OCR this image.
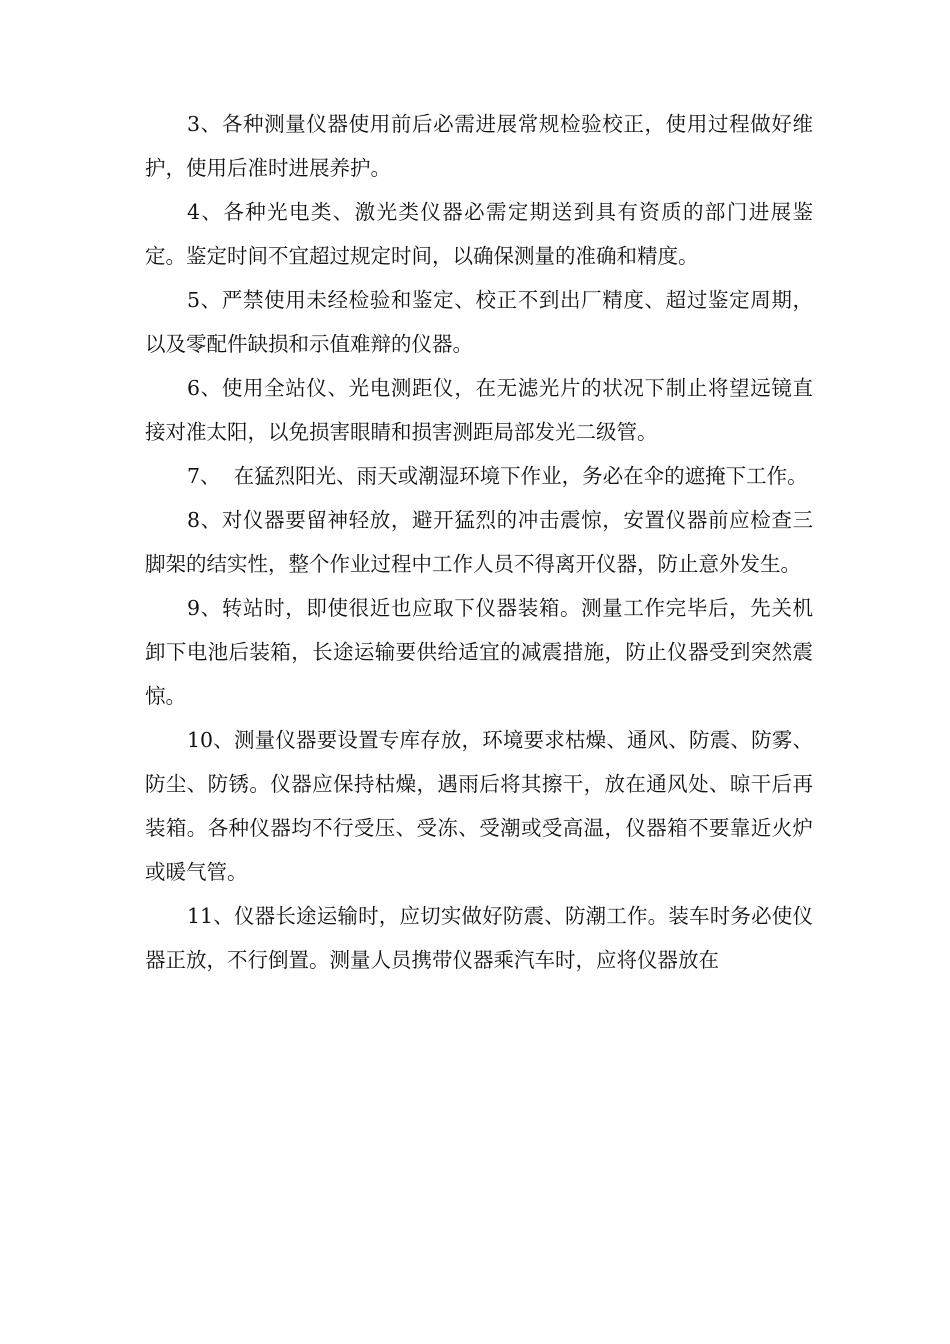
3、各种测量仪器使用前后必需进展常规检验校正，使用过程做好维护，使用后准时进展养护。

4、各种光电类、激光类仪器必需定期送到具有资质的部门进展鉴定。鉴定时间不宜超过规定时间，以确保测量的准确和精度。

5、严禁使用未经检验和鉴定、校正不到出厂精度、超过鉴定周期，以及零配件缺损和示值难辩的仪器。

6、使用全站仪、光电测距仪，在无滤光片的状况下制止将望远镜直接对准太阳，以免损害眼睛和损害测距局部发光二级管。

7、  在猛烈阳光、雨天或潮湿环境下作业，务必在伞的遮掩下工作。

8、对仪器要留神轻放，避开猛烈的冲击震惊，安置仪器前应检查三脚架的结实性，整个作业过程中工作人员不得离开仪器，防止意外发生。

9、转站时，即使很近也应取下仪器装箱。测量工作完毕后，先关机卸下电池后装箱，长途运输要供给适宜的减震措施，防止仪器受到突然震惊。

10、测量仪器要设置专库存放，环境要求枯燥、通风、防震、防雾、防尘、防锈。仪器应保持枯燥，遇雨后将其擦干，放在通风处、晾干后再装箱。各种仪器均不行受压、受冻、受潮或受高温，仪器箱不要靠近火炉或暖气管。

11、仪器长途运输时，应切实做好防震、防潮工作。装车时务必使仪器正放，不行倒置。测量人员携带仪器乘汽车时，应将仪器放在
